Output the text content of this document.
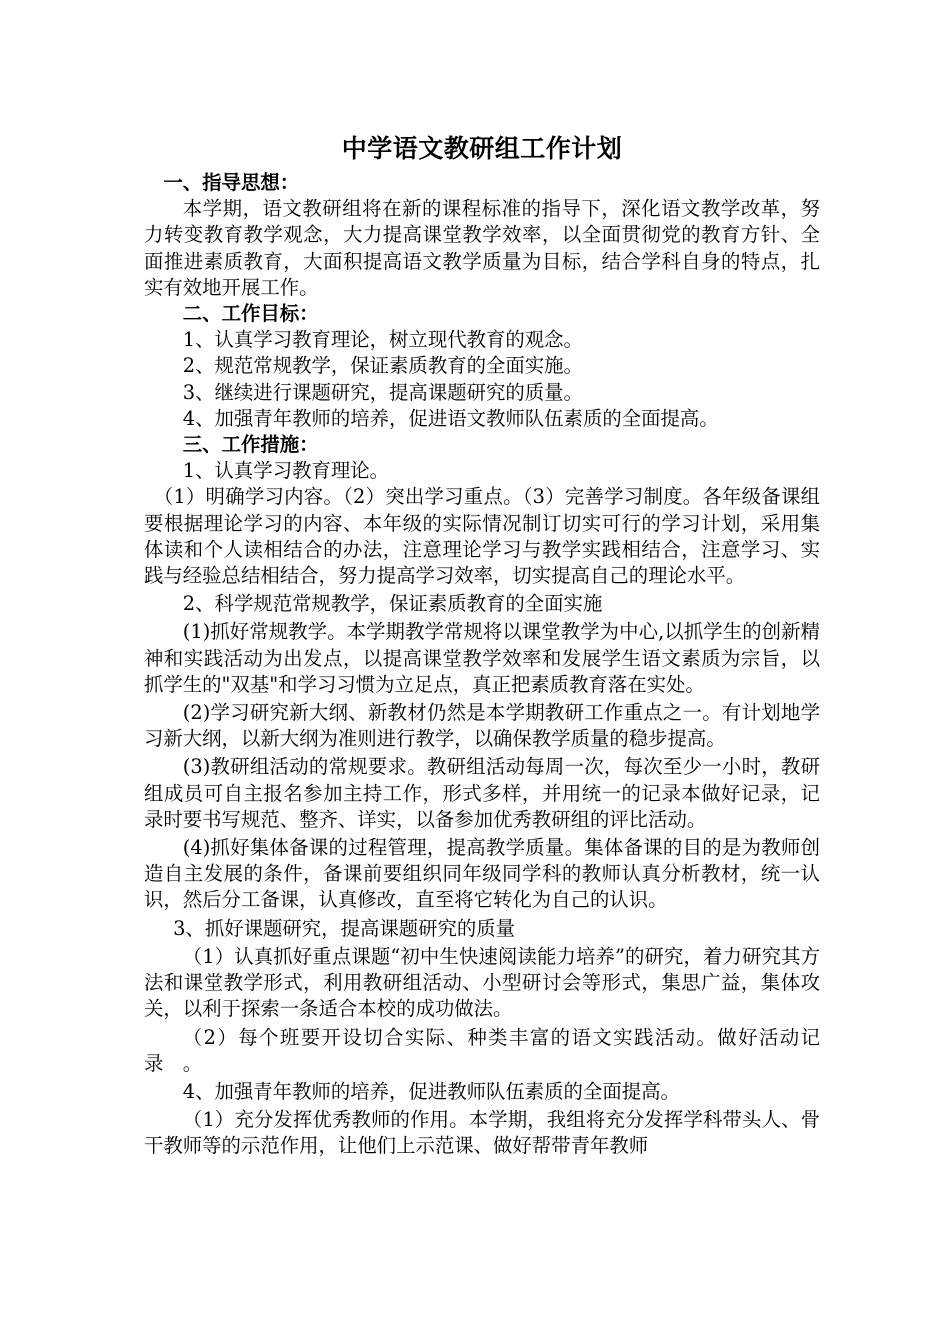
中学语文教研组工作计划

一、指导思想：

本学期，语文教研组将在新的课程标准的指导下，深化语文教学改革，努力转变教育教学观念，大力提高课堂教学效率，以全面贯彻党的教育方针、全面推进素质教育，大面积提高语文教学质量为目标，结合学科自身的特点，扎实有效地开展工作。

二、工作目标：

1、认真学习教育理论，树立现代教育的观念。

2、规范常规教学，保证素质教育的全面实施。

3、继续进行课题研究，提高课题研究的质量。

4、加强青年教师的培养，促进语文教师队伍素质的全面提高。

三、工作措施：

1、认真学习教育理论。

（1）明确学习内容。（2）突出学习重点。（3）完善学习制度。各年级备课组要根据理论学习的内容、本年级的实际情况制订切实可行的学习计划，采用集体读和个人读相结合的办法，注意理论学习与教学实践相结合，注意学习、实践与经验总结相结合，努力提高学习效率，切实提高自己的理论水平。

2、科学规范常规教学，保证素质教育的全面实施

(1)抓好常规教学。本学期教学常规将以课堂教学为中心,以抓学生的创新精神和实践活动为出发点，以提高课堂教学效率和发展学生语文素质为宗旨，以抓学生的"双基"和学习习惯为立足点，真正把素质教育落在实处。

(2)学习研究新大纲、新教材仍然是本学期教研工作重点之一。有计划地学习新大纲，以新大纲为准则进行教学，以确保教学质量的稳步提高。

(3)教研组活动的常规要求。教研组活动每周一次，每次至少一小时，教研组成员可自主报名参加主持工作，形式多样，并用统一的记录本做好记录，记录时要书写规范、整齐、详实，以备参加优秀教研组的评比活动。

(4)抓好集体备课的过程管理，提高教学质量。集体备课的目的是为教师创造自主发展的条件，备课前要组织同年级同学科的教师认真分析教材，统一认识，然后分工备课，认真修改，直至将它转化为自己的认识。

3、抓好课题研究，提高课题研究的质量

（1）认真抓好重点课题“初中生快速阅读能力培养”的研究，着力研究其方法和课堂教学形式，利用教研组活动、小型研讨会等形式，集思广益，集体攻关，以利于探索一条适合本校的成功做法。

（2）每个班要开设切合实际、种类丰富的语文实践活动。做好活动记录　。

4、加强青年教师的培养，促进教师队伍素质的全面提高。

（1）充分发挥优秀教师的作用。本学期，我组将充分发挥学科带头人、骨干教师等的示范作用，让他们上示范课、做好帮带青年教师
